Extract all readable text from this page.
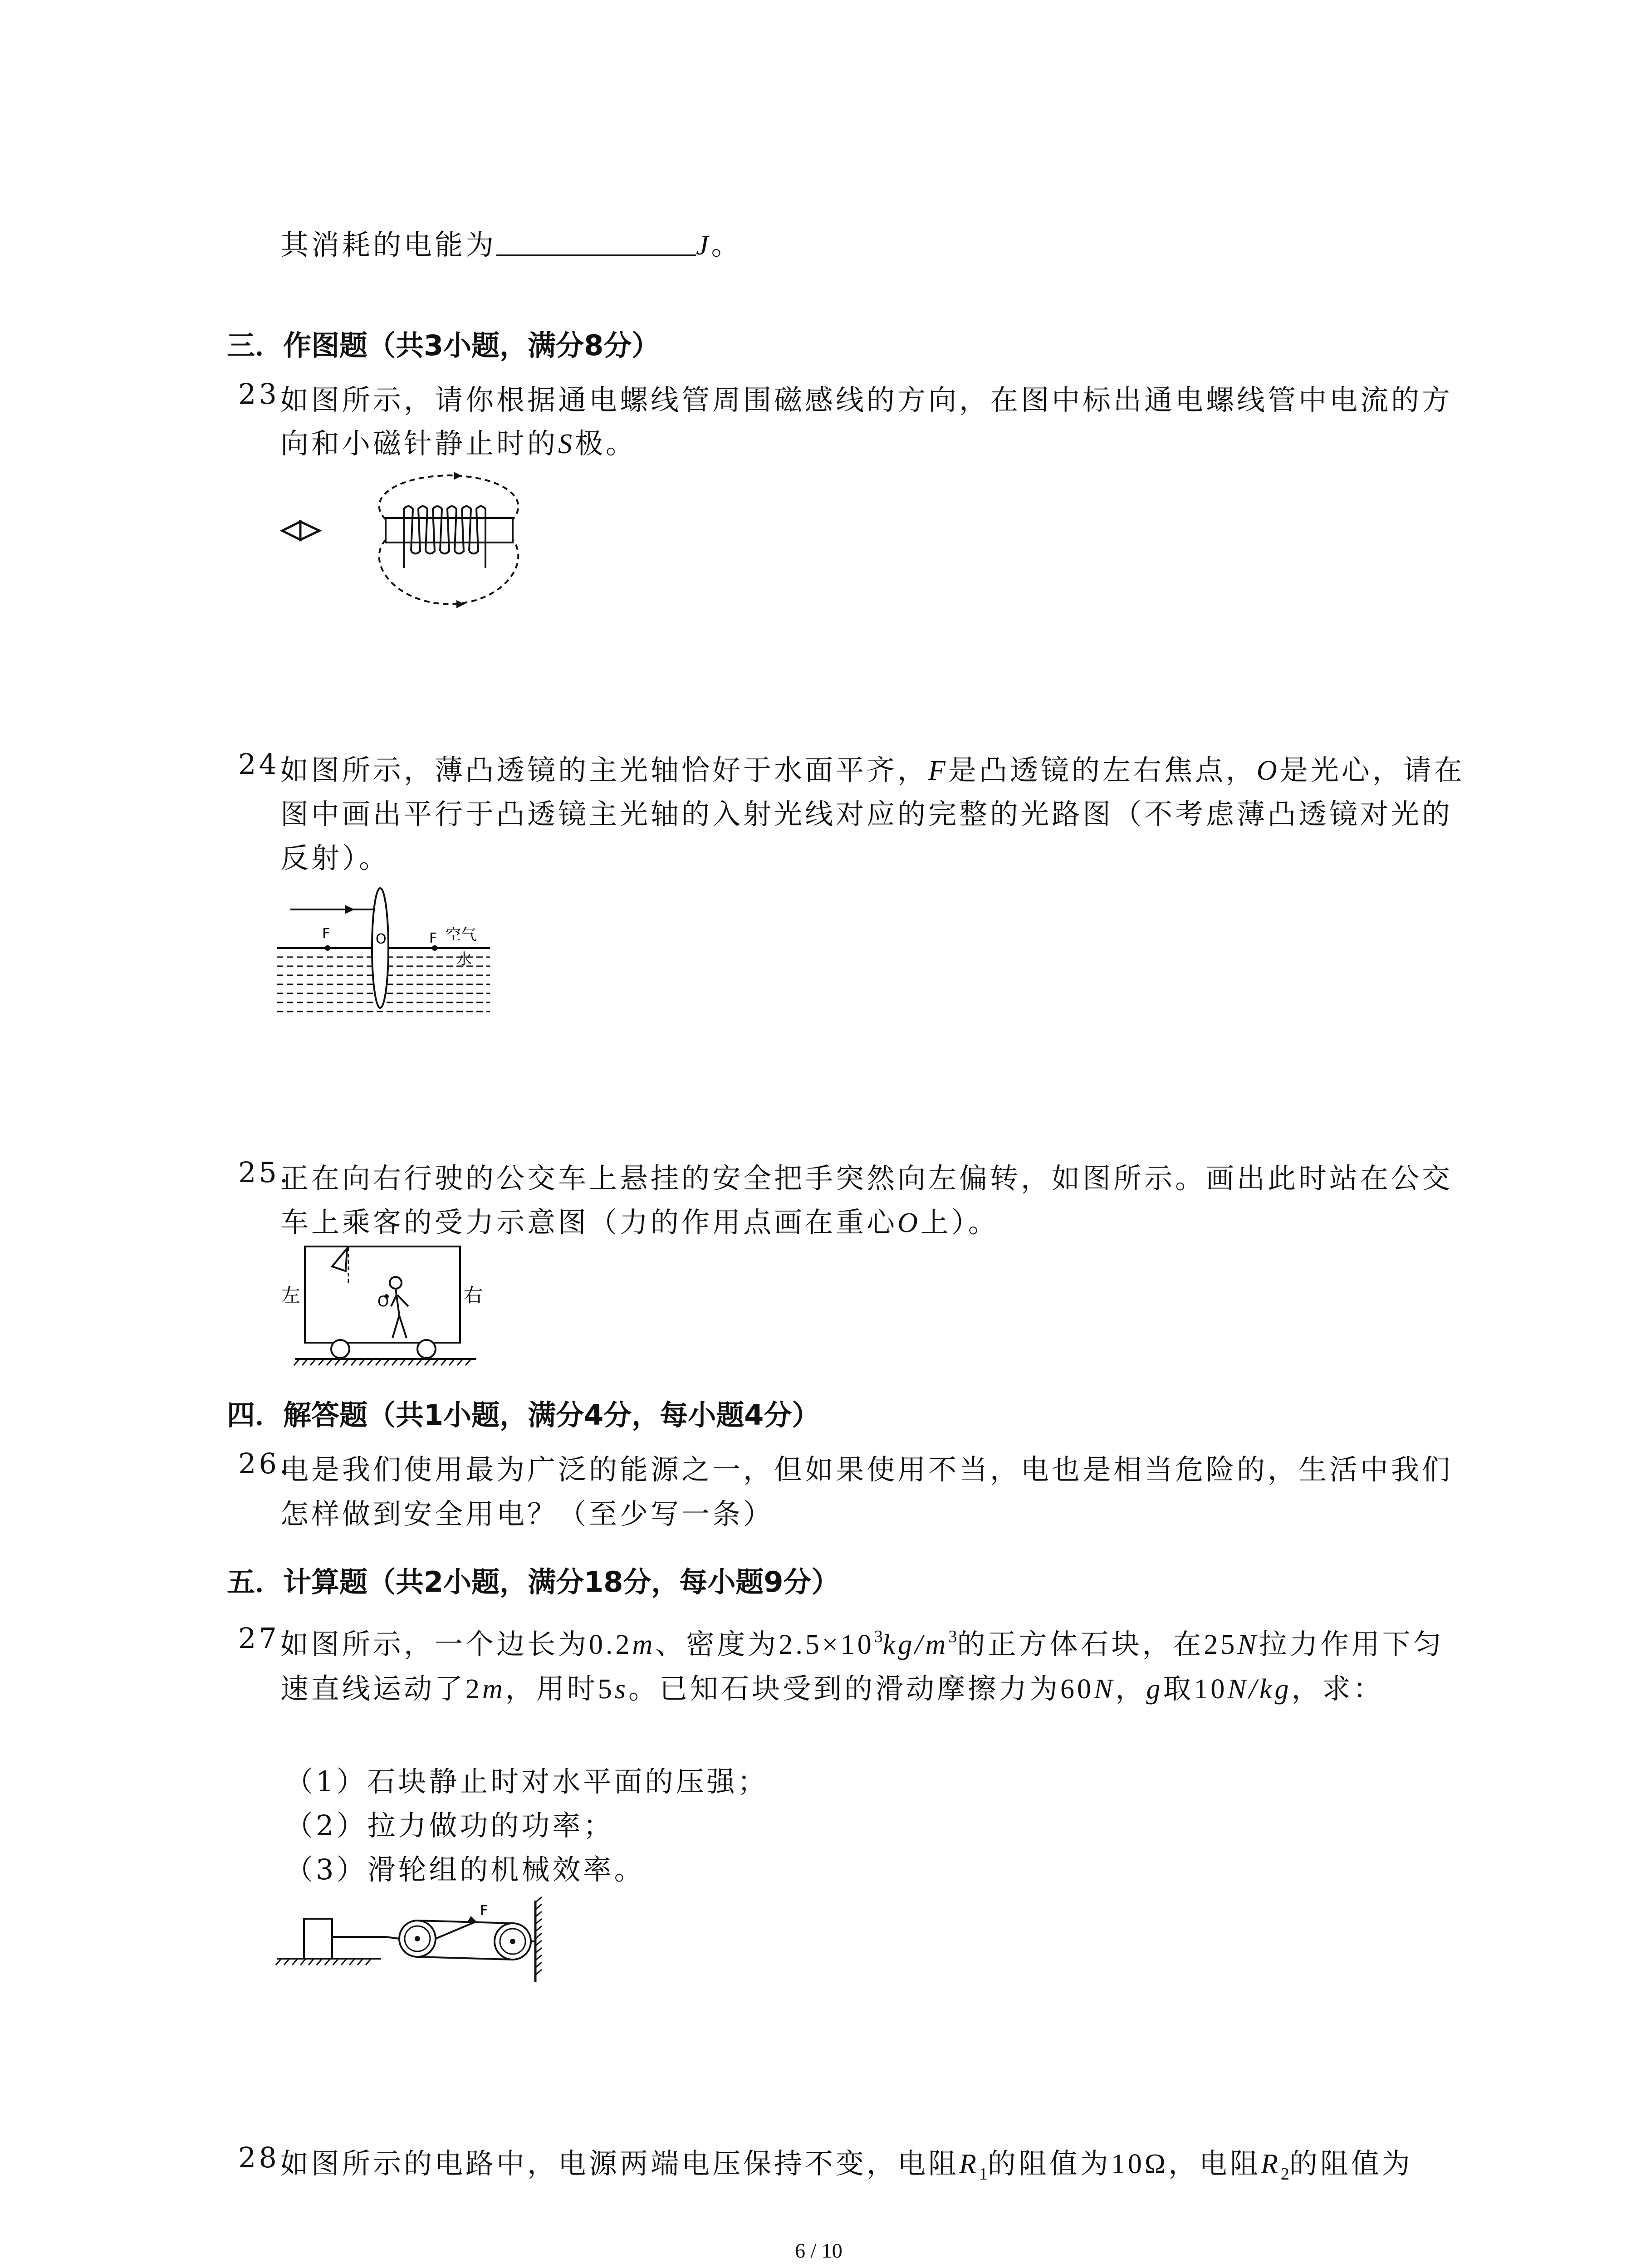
其消耗的电能为	J。
三．作图题（共3小题，满分8分）
23.
如图所示，请你根据通电螺线管周围磁感线的方向，在图中标出通电螺线管中电流的方
向和小磁针静止时的S极。
24.
如图所示，薄凸透镜的主光轴恰好于水面平齐，F是凸透镜的左右焦点，O是光心，请在
图中画出平行于凸透镜主光轴的入射光线对应的完整的光路图（不考虑薄凸透镜对光的
反射）。
F	O	F 空气
水
25.
正在向右行驶的公交车上悬挂的安全把手突然向左偏转，如图所示。画出此时站在公交
车上乘客的受力示意图（力的作用点画在重心O上）。
左	右
O
四．解答题（共1小题，满分4分，每小题4分）
26.
电是我们使用最为广泛的能源之一，但如果使用不当，电也是相当危险的，生活中我们
怎样做到安全用电？（至少写一条）
五．计算题（共2小题，满分18分，每小题9分）
27.
如图所示，一个边长为0.2m、密度为$2.5\times 10^3kg/m^3$的正方体石块，在25N拉力作用下匀
速直线运动了2m，用时5s。已知石块受到的滑动摩擦力为60N，g取10N/kg，求：
（1）石块静止时对水平面的压强；
（2）拉力做功的功率；
（3）滑轮组的机械效率。
F
28.
如图所示的电路中，电源两端电压保持不变，电阻$R_1$的阻值为10Ω，电阻$R_2$的阻值为
6 / 10
